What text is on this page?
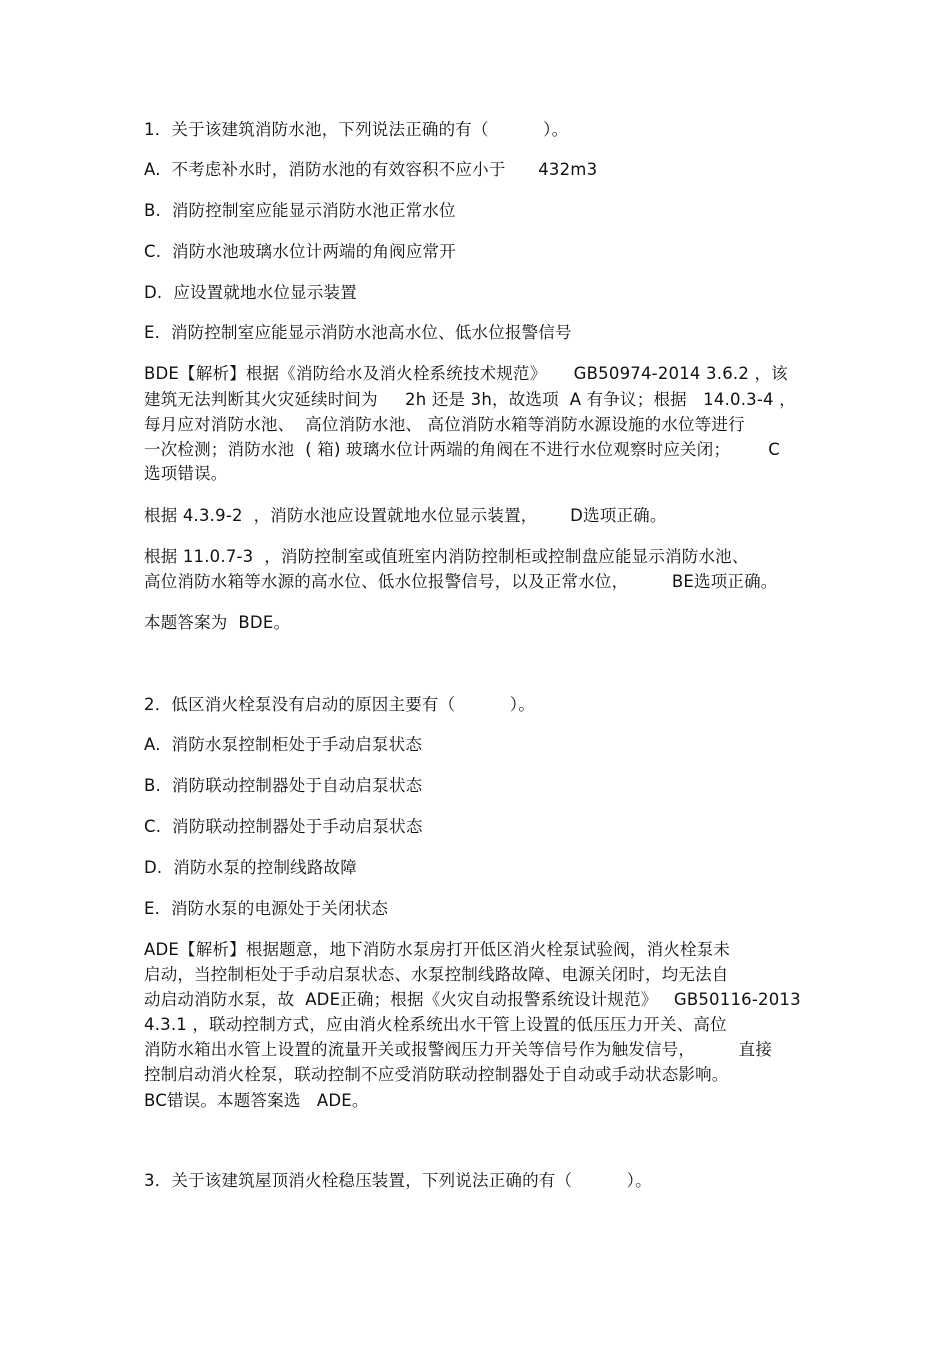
1．关于该建筑消防水池，下列说法正确的有（          ）。
A.  不考虑补水时，消防水池的有效容积不应小于      432m3
B.  消防控制室应能显示消防水池正常水位
C.  消防水池玻璃水位计两端的角阀应常开
D.  应设置就地水位显示装置
E.  消防控制室应能显示消防水池高水位、低水位报警信号
BDE【解析】根据《消防给水及消火栓系统技术规范》     GB50974-2014 3.6.2 ，该
建筑无法判断其火灾延续时间为     2h 还是 3h，故选项  A 有争议；根据   14.0.3-4 ，
每月应对消防水池、  高位消防水池、 高位消防水箱等消防水源设施的水位等进行
一次检测；消防水池  ( 箱) 玻璃水位计两端的角阀在不进行水位观察时应关闭；       C
选项错误。
根据 4.3.9-2  ，消防水池应设置就地水位显示装置，      D选项正确。
根据 11.0.7-3  ，消防控制室或值班室内消防控制柜或控制盘应能显示消防水池、
高位消防水箱等水源的高水位、低水位报警信号，以及正常水位，        BE选项正确。
本题答案为  BDE。
2．低区消火栓泵没有启动的原因主要有（          ）。
A.  消防水泵控制柜处于手动启泵状态
B.  消防联动控制器处于自动启泵状态
C.  消防联动控制器处于手动启泵状态
D.  消防水泵的控制线路故障
E.  消防水泵的电源处于关闭状态
ADE【解析】根据题意，地下消防水泵房打开低区消火栓泵试验阀，消火栓泵未
启动，当控制柜处于手动启泵状态、水泵控制线路故障、电源关闭时，均无法自
动启动消防水泵，故  ADE正确；根据《火灾自动报警系统设计规范》   GB50116-2013
4.3.1 ，联动控制方式，应由消火栓系统出水干管上设置的低压压力开关、高位
消防水箱出水管上设置的流量开关或报警阀压力开关等信号作为触发信号，        直接
控制启动消火栓泵，联动控制不应受消防联动控制器处于自动或手动状态影响。
BC错误。本题答案选   ADE。
3．关于该建筑屋顶消火栓稳压装置，下列说法正确的有（          ）。
